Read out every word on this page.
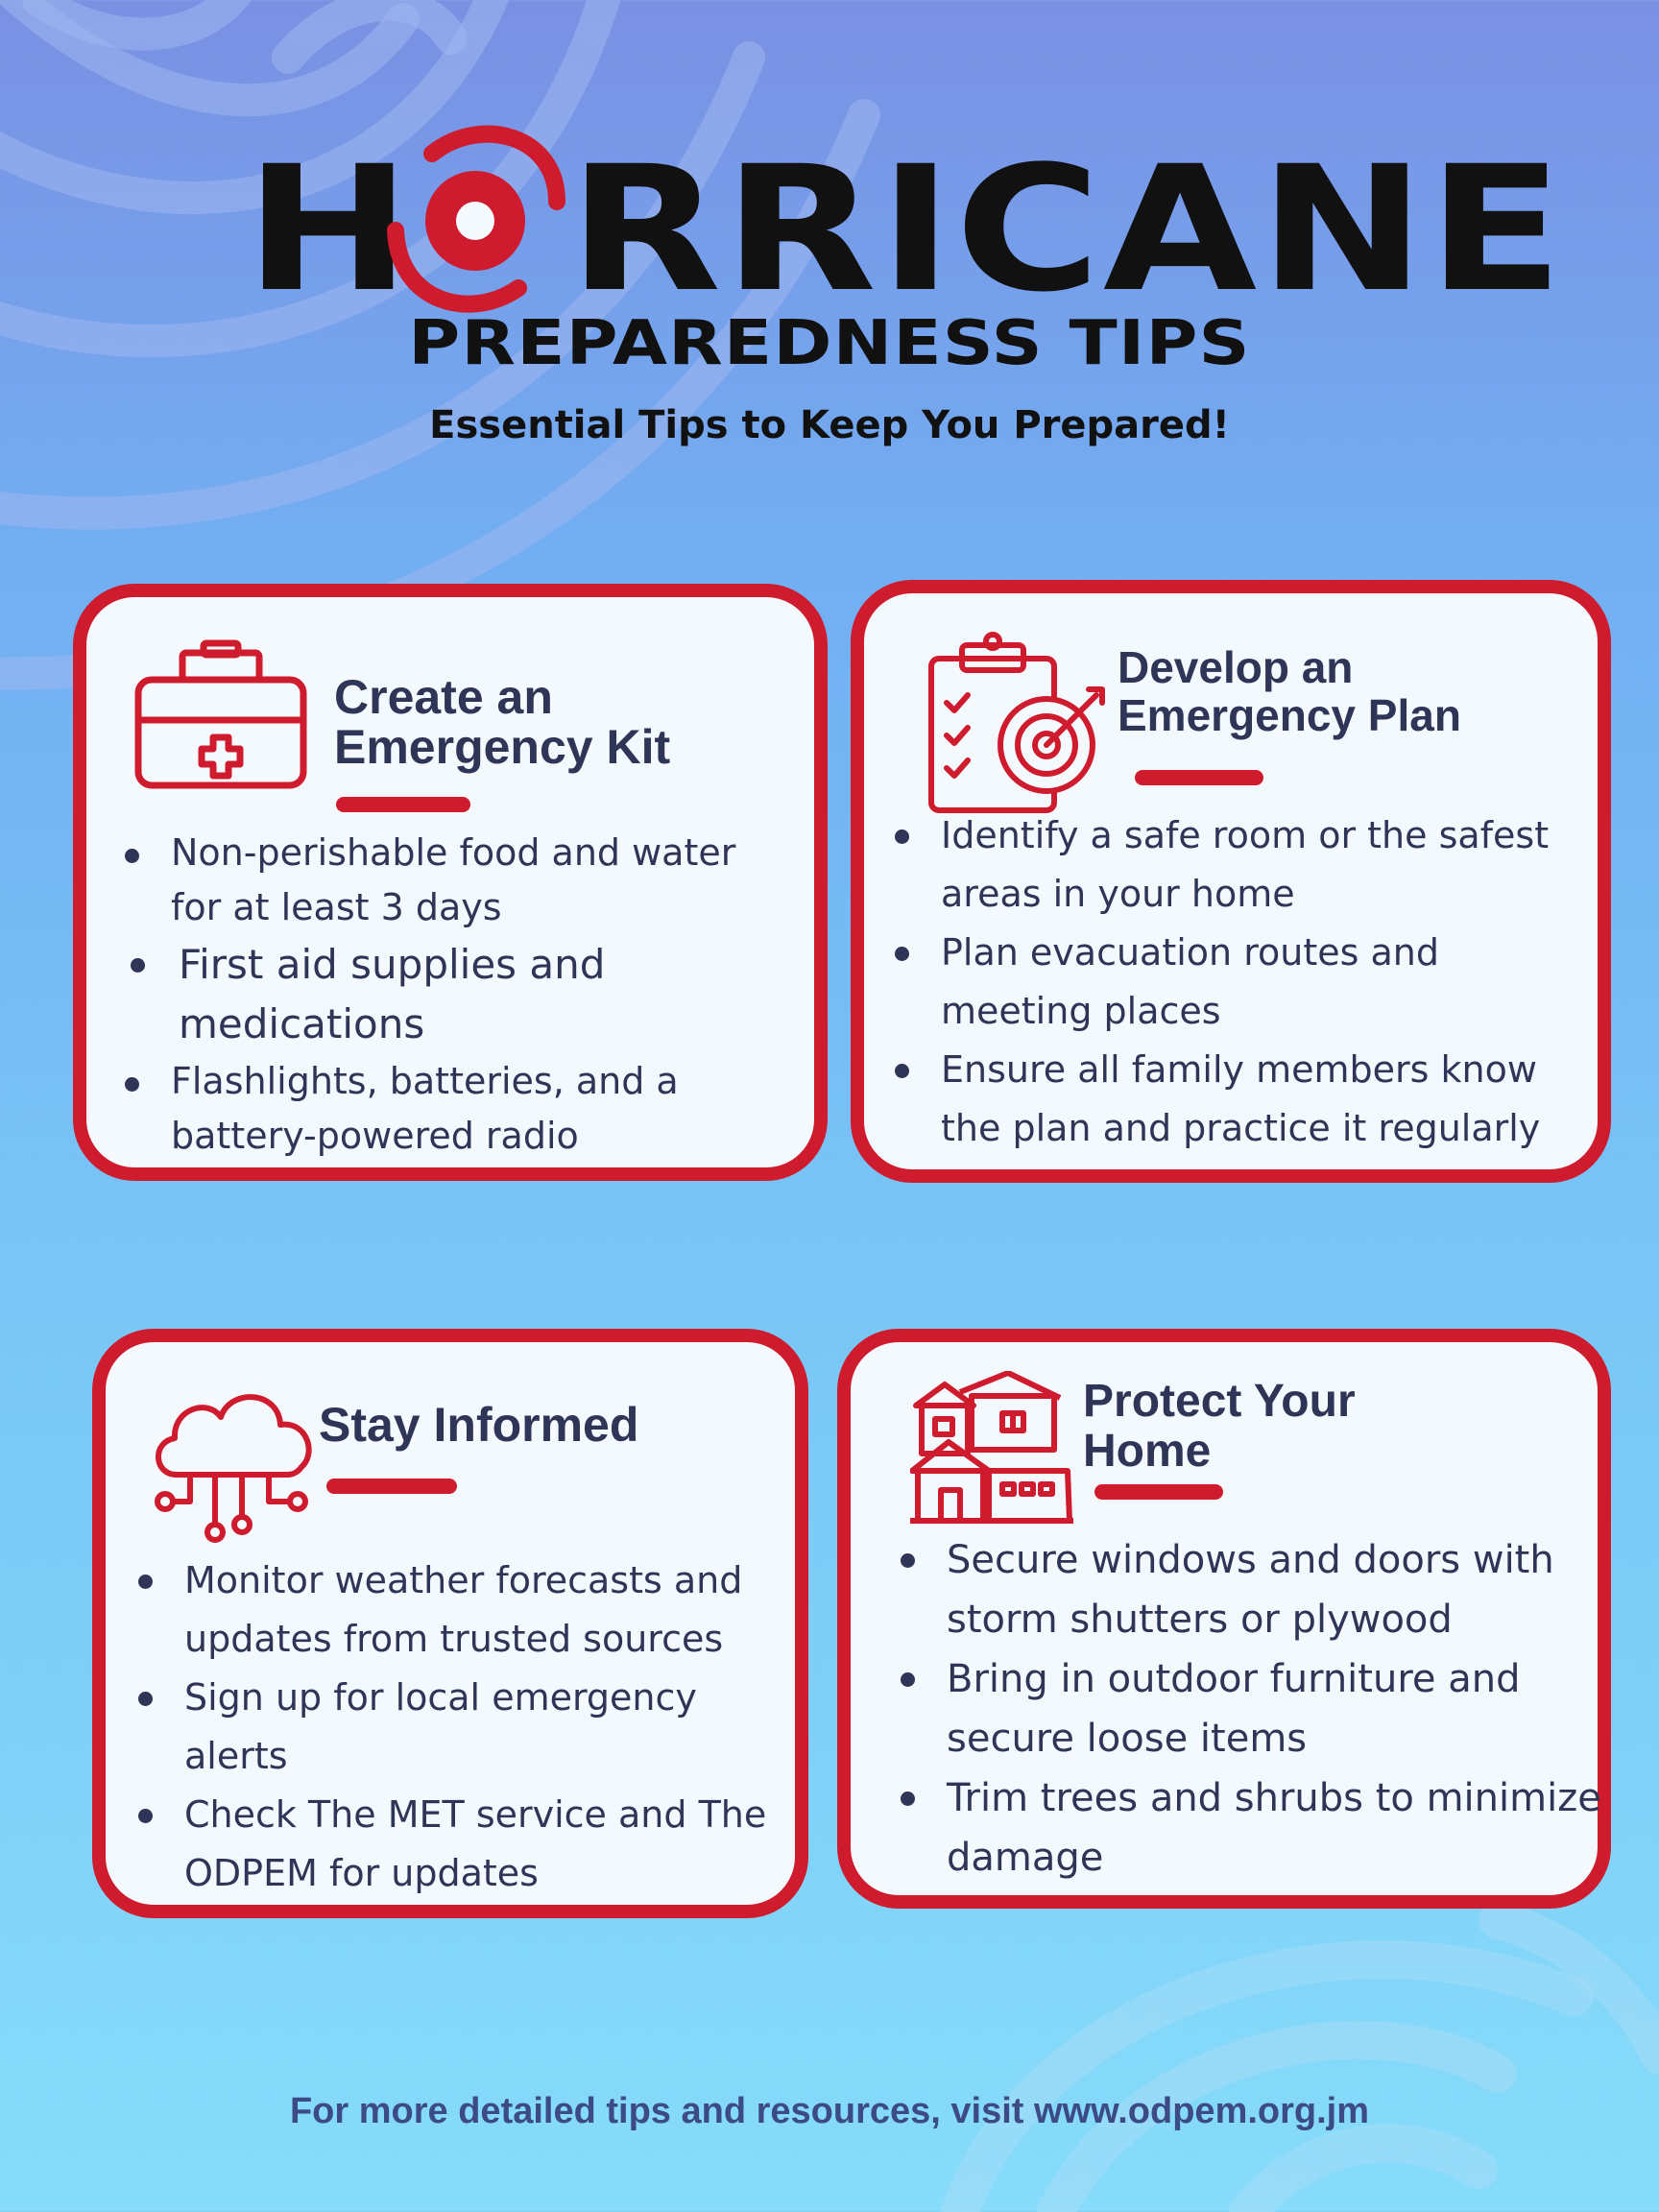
H RRICANE
PREPAREDNESS TIPS
Essential Tips to Keep You Prepared!
Create an
Emergency Kit
Non-perishable food and water for at least 3 days
First aid supplies and medications
Flashlights, batteries, and a battery-powered radio
Develop an
Emergency Plan
Identify a safe room or the safest areas in your home
Plan evacuation routes and meeting places
Ensure all family members know the plan and practice it regularly
Stay Informed
Monitor weather forecasts and updates from trusted sources
Sign up for local emergency alerts
Check The MET service and The ODPEM for updates
Protect Your
Home
Secure windows and doors with storm shutters or plywood
Bring in outdoor furniture and secure loose items
Trim trees and shrubs to minimize damage
For more detailed tips and resources, visit www.odpem.org.jm
